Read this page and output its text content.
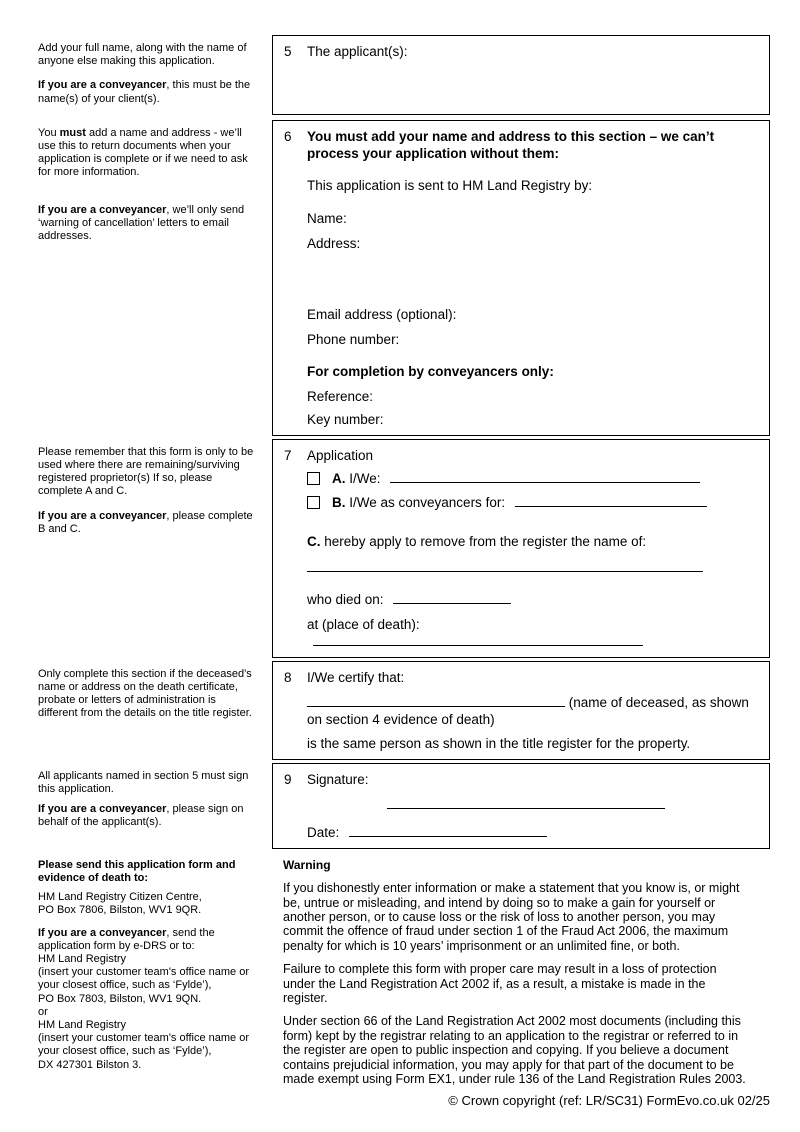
Add your full name, along with the name of anyone else making this application.

If you are a conveyancer, this must be the name(s) of your client(s).

5	The applicant(s):

You must add a name and address - we’ll use this to return documents when your application is complete or if we need to ask for more information.

If you are a conveyancer, we’ll only send ‘warning of cancellation’ letters to email addresses.

6	You must add your name and address to this section – we can’t process your application without them:

This application is sent to HM Land Registry by:

Name:

Address:

Email address (optional):

Phone number:

For completion by conveyancers only:

Reference:

Key number:

Please remember that this form is only to be used where there are remaining/surviving registered proprietor(s) If so, please complete A and C.

If you are a conveyancer, please complete B and C.

7	Application

A. I/We:
B. I/We as conveyancers for:

C. hereby apply to remove from the register the name of:

who died on:

at (place of death):

Only complete this section if the deceased’s name or address on the death certificate, probate or letters of administration is different from the details on the title register.

8	I/We certify that:

(name of deceased, as shown on section 4 evidence of death)

is the same person as shown in the title register for the property.

All applicants named in section 5 must sign this application.

If you are a conveyancer, please sign on behalf of the applicant(s).

9	Signature:

Date:

Please send this application form and evidence of death to:

HM Land Registry Citizen Centre,

PO Box 7806, Bilston, WV1 9QR.

If you are a conveyancer, send the application form by e-DRS or to:

HM Land Registry

(insert your customer team's office name or your closest office, such as ‘Fylde’),

PO Box 7803, Bilston, WV1 9QN.

or

HM Land Registry

(insert your customer team's office name or your closest office, such as ‘Fylde’),

DX 427301 Bilston 3.

Warning

If you dishonestly enter information or make a statement that you know is, or might be, untrue or misleading, and intend by doing so to make a gain for yourself or another person, or to cause loss or the risk of loss to another person, you may commit the offence of fraud under section 1 of the Fraud Act 2006, the maximum penalty for which is 10 years’ imprisonment or an unlimited fine, or both.

Failure to complete this form with proper care may result in a loss of protection under the Land Registration Act 2002 if, as a result, a mistake is made in the register.

Under section 66 of the Land Registration Act 2002 most documents (including this form) kept by the registrar relating to an application to the registrar or referred to in the register are open to public inspection and copying. If you believe a document contains prejudicial information, you may apply for that part of the document to be made exempt using Form EX1, under rule 136 of the Land Registration Rules 2003.

© Crown copyright (ref: LR/SC31) FormEvo.co.uk 02/25
